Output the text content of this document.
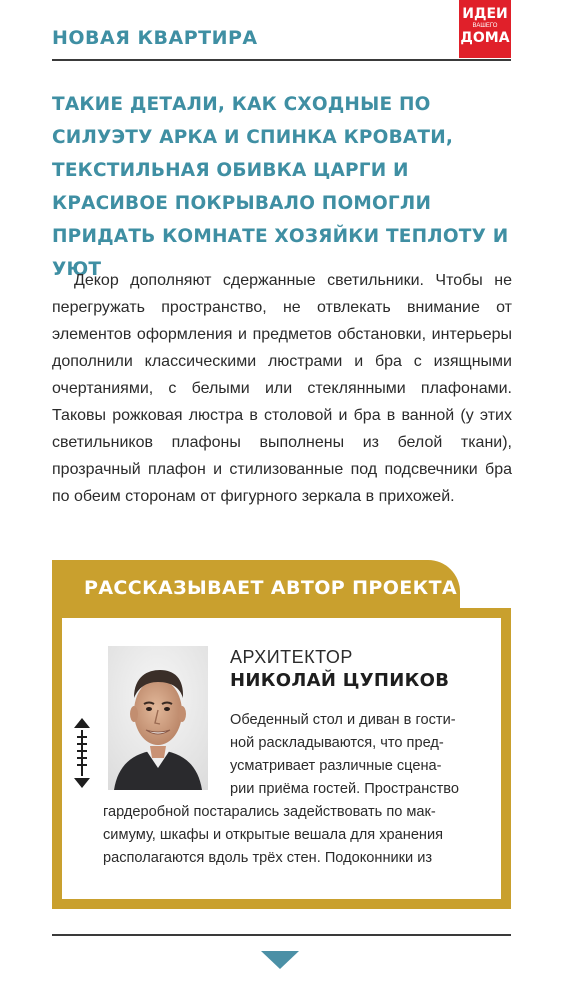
НОВАЯ КВАРТИРА
ИДЕИ
ВАШЕГО
ДОМА
ТАКИЕ ДЕТАЛИ, КАК СХОДНЫЕ ПО СИЛУЭТУ АРКА И СПИНКА КРОВАТИ, ТЕКСТИЛЬНАЯ ОБИВКА ЦАРГИ И КРАСИВОЕ ПОКРЫВАЛО ПОМОГЛИ ПРИДАТЬ КОМНАТЕ ХОЗЯЙКИ ТЕПЛОТУ И УЮТ

Декор дополняют сдержанные светильники. Чтобы не перегружать пространство, не отвлекать внимание от элементов оформления и предметов обстановки, интерьеры дополнили классическими люстрами и бра с изящными очертаниями, с белыми или стеклянными плафонами. Таковы рожковая люстра в столовой и бра в ванной (у этих светильников плафоны выполнены из белой ткани), прозрачный плафон и стилизованные под подсвечники бра по обеим сторонам от фигурного зеркала в прихожей.

РАССКАЗЫВАЕТ АВТОР ПРОЕКТА
АРХИТЕКТОР
НИКОЛАЙ ЦУПИКОВ
Обеденный стол и диван в гости-
ной раскладываются, что пред-
усматривает различные сцена-
рии приёма гостей. Пространство
гардеробной постарались задействовать по мак-
симуму, шкафы и открытые вешала для хранения
располагаются вдоль трёх стен. Подоконники из
